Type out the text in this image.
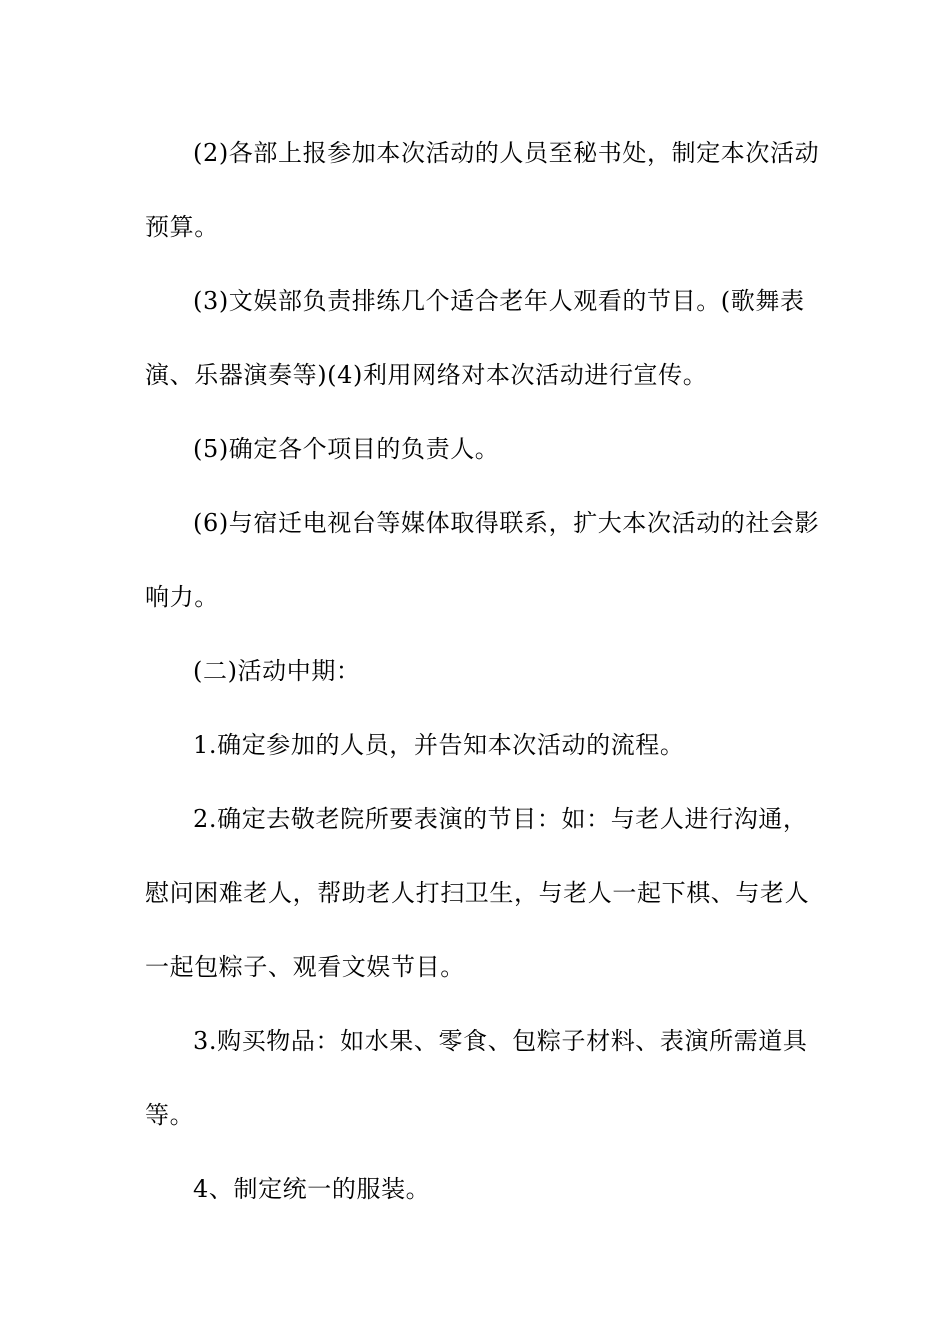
(2)各部上报参加本次活动的人员至秘书处，制定本次活动
预算。
(3)文娱部负责排练几个适合老年人观看的节目。(歌舞表
演、乐器演奏等)(4)利用网络对本次活动进行宣传。
(5)确定各个项目的负责人。
(6)与宿迁电视台等媒体取得联系，扩大本次活动的社会影
响力。
(二)活动中期：
1.确定参加的人员，并告知本次活动的流程。
2.确定去敬老院所要表演的节目：如：与老人进行沟通，
慰问困难老人，帮助老人打扫卫生，与老人一起下棋、与老人
一起包粽子、观看文娱节目。
3.购买物品：如水果、零食、包粽子材料、表演所需道具
等。
4、制定统一的服装。
